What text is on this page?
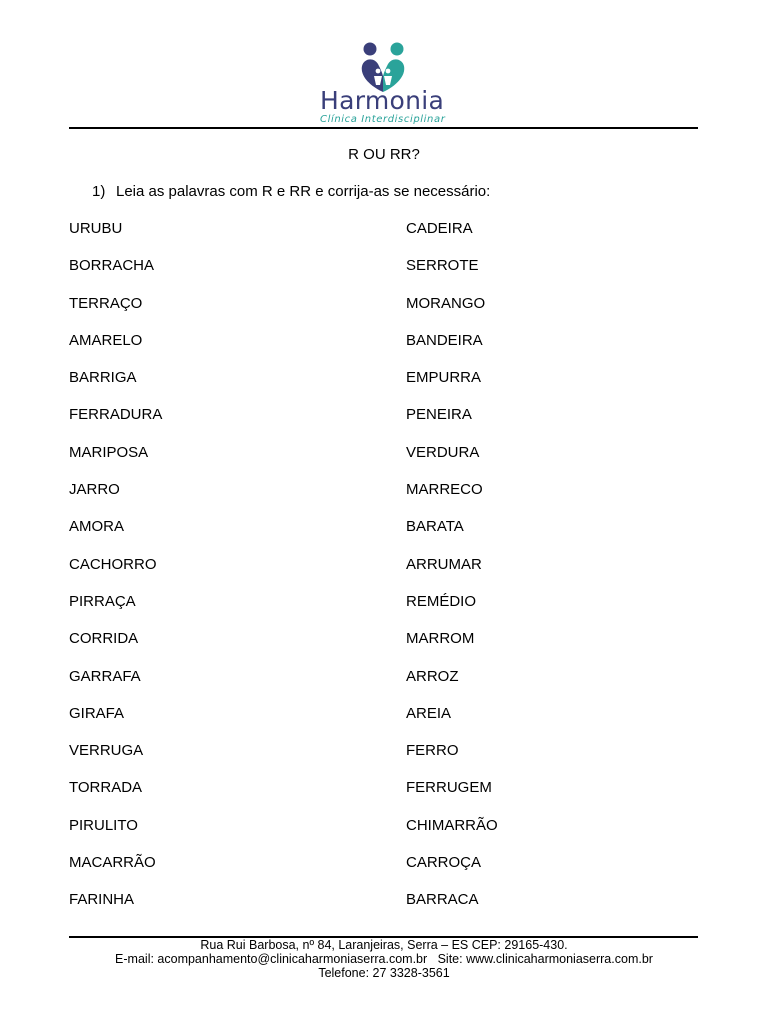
Harmonia
Clínica Interdisciplinar
R OU RR?
1) Leia as palavras com R e RR e corrija-as se necessário:
URUBU
BORRACHA
TERRAÇO
AMARELO
BARRIGA
FERRADURA
MARIPOSA
JARRO
AMORA
CACHORRO
PIRRAÇA
CORRIDA
GARRAFA
GIRAFA
VERRUGA
TORRADA
PIRULITO
MACARRÃO
FARINHA
CADEIRA
SERROTE
MORANGO
BANDEIRA
EMPURRA
PENEIRA
VERDURA
MARRECO
BARATA
ARRUMAR
REMÉDIO
MARROM
ARROZ
AREIA
FERRO
FERRUGEM
CHIMARRÃO
CARROÇA
BARRACA
Rua Rui Barbosa, nº 84, Laranjeiras, Serra – ES CEP: 29165-430.
E-mail: acompanhamento@clinicaharmoniaserra.com.br   Site: www.clinicaharmoniaserra.com.br
Telefone: 27 3328-3561
